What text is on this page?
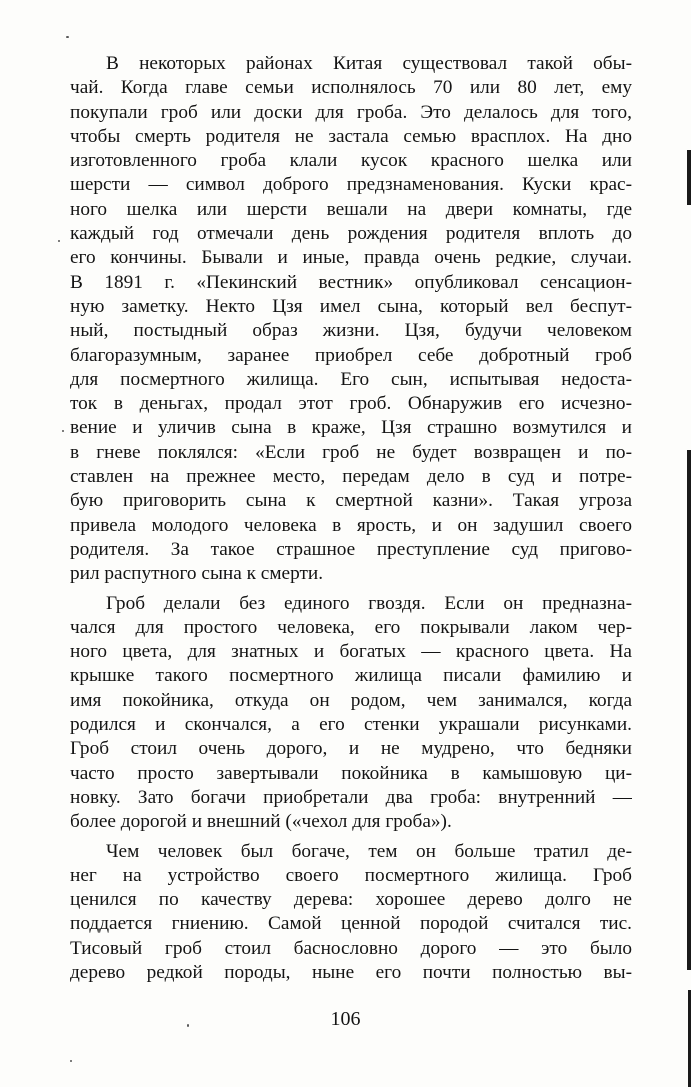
В некоторых районах Китая существовал такой обы-
чай. Когда главе семьи исполнялось 70 или 80 лет, ему
покупали гроб или доски для гроба. Это делалось для того,
чтобы смерть родителя не застала семью врасплох. На дно
изготовленного гроба клали кусок красного шелка или
шерсти — символ доброго предзнаменования. Куски крас-
ного шелка или шерсти вешали на двери комнаты, где
каждый год отмечали день рождения родителя вплоть до
его кончины. Бывали и иные, правда очень редкие, случаи.
В 1891 г. «Пекинский вестник» опубликовал сенсацион-
ную заметку. Некто Цзя имел сына, который вел беспут-
ный, постыдный образ жизни. Цзя, будучи человеком
благоразумным, заранее приобрел себе добротный гроб
для посмертного жилища. Его сын, испытывая недоста-
ток в деньгах, продал этот гроб. Обнаружив его исчезно-
вение и уличив сына в краже, Цзя страшно возмутился и
в гневе поклялся: «Если гроб не будет возвращен и по-
ставлен на прежнее место, передам дело в суд и потре-
бую приговорить сына к смертной казни». Такая угроза
привела молодого человека в ярость, и он задушил своего
родителя. За такое страшное преступление суд пригово-
рил распутного сына к смерти.
Гроб делали без единого гвоздя. Если он предназна-
чался для простого человека, его покрывали лаком чер-
ного цвета, для знатных и богатых — красного цвета. На
крышке такого посмертного жилища писали фамилию и
имя покойника, откуда он родом, чем занимался, когда
родился и скончался, а его стенки украшали рисунками.
Гроб стоил очень дорого, и не мудрено, что бедняки
часто просто завертывали покойника в камышовую ци-
новку. Зато богачи приобретали два гроба: внутренний —
более дорогой и внешний («чехол для гроба»).
Чем человек был богаче, тем он больше тратил де-
нег на устройство своего посмертного жилища. Гроб
ценился по качеству дерева: хорошее дерево долго не
поддается гниению. Самой ценной породой считался тис.
Тисовый гроб стоил баснословно дорого — это было
дерево редкой породы, ныне его почти полностью вы-
106
